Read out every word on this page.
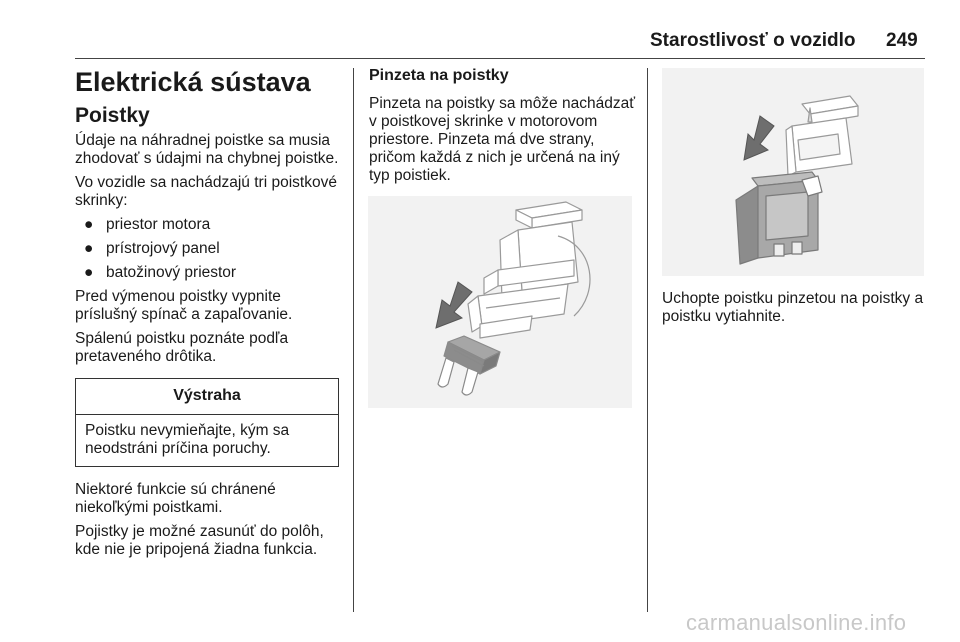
Starostlivosť o vozidlo 249
Elektrická sústava
Poistky

Údaje na náhradnej poistke sa musia zhodovať s údajmi na chybnej poistke.

Vo vozidle sa nachádzajú tri poistkové skrinky:

● priestor motora
● prístrojový panel
● batožinový priestor

Pred výmenou poistky vypnite príslušný spínač a zapaľovanie.

Spálenú poistku poznáte podľa pretaveného drôtika.

Výstraha
Poistku nevymieňajte, kým sa neodstráni príčina poruchy.

Niektoré funkcie sú chránené niekoľkými poistkami.

Pojistky je možné zasunúť do polôh, kde nie je pripojená žiadna funkcia.

Pinzeta na poistky

Pinzeta na poistky sa môže nachádzať v poistkovej skrinke v motorovom priestore. Pinzeta má dve strany, pričom každá z nich je určená na iný typ poistiek.

Uchopte poistku pinzetou na poistky a poistku vytiahnite.

carmanualsonline.info
